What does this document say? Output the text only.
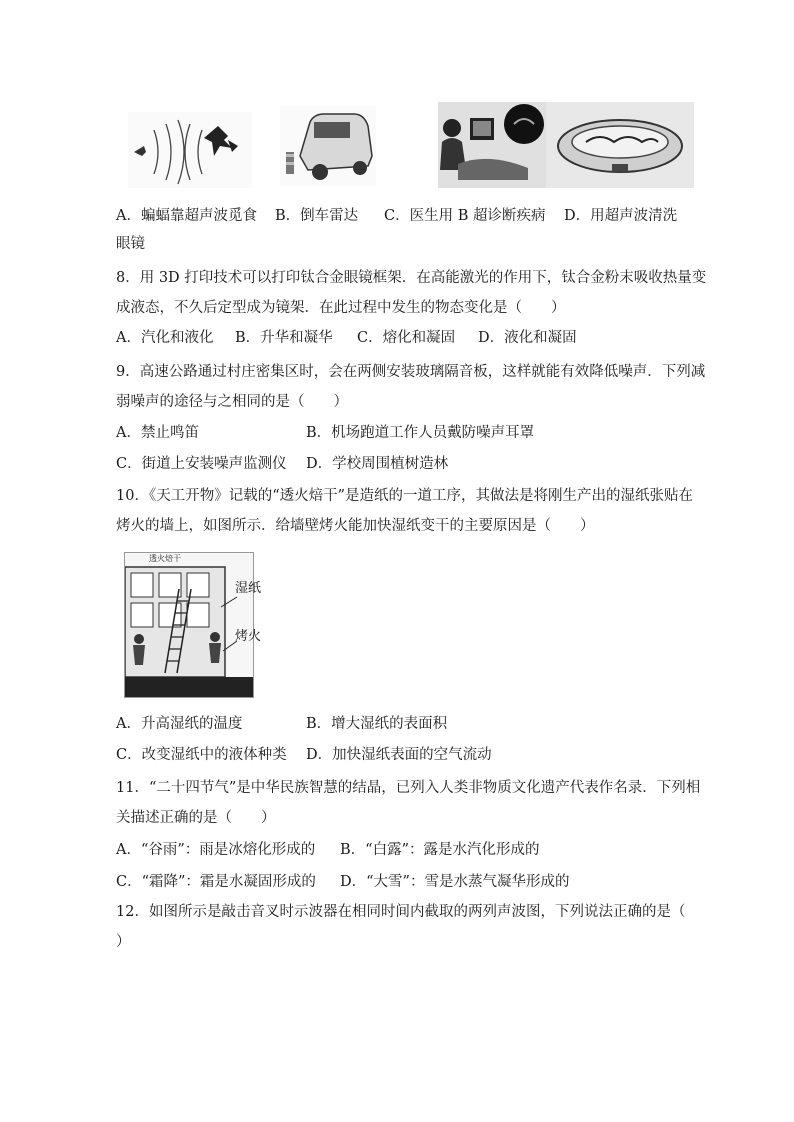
A．蝙蝠靠超声波觅食 B．倒车雷达 C．医生用 B 超诊断疾病 D．用超声波清洗
眼镜
8．用 3D 打印技术可以打印钛合金眼镜框架．在高能激光的作用下，钛合金粉末吸收热量变
成液态，不久后定型成为镜架．在此过程中发生的物态变化是（　　）
A．汽化和液化 B．升华和凝华 C．熔化和凝固 D．液化和凝固
9．高速公路通过村庄密集区时，会在两侧安装玻璃隔音板，这样就能有效降低噪声．下列减
弱噪声的途径与之相同的是（　　）
A．禁止鸣笛	B．机场跑道工作人员戴防噪声耳罩
C．街道上安装噪声监测仪 D．学校周围植树造林
10．《天工开物》记载的“透火焙干”是造纸的一道工序，其做法是将刚生产出的湿纸张贴在
烤火的墙上，如图所示．给墙壁烤火能加快湿纸变干的主要原因是（　　）
透火焙干
湿纸
烤火
A．升高湿纸的温度	B．增大湿纸的表面积
C．改变湿纸中的液体种类 D．加快湿纸表面的空气流动
11．“二十四节气”是中华民族智慧的结晶，已列入人类非物质文化遗产代表作名录．下列相
关描述正确的是（　　）
A．“谷雨”：雨是冰熔化形成的 B．“白露”：露是水汽化形成的
C．“霜降”：霜是水凝固形成的 D．“大雪”：雪是水蒸气凝华形成的
12．如图所示是敲击音叉时示波器在相同时间内截取的两列声波图，下列说法正确的是（
）
